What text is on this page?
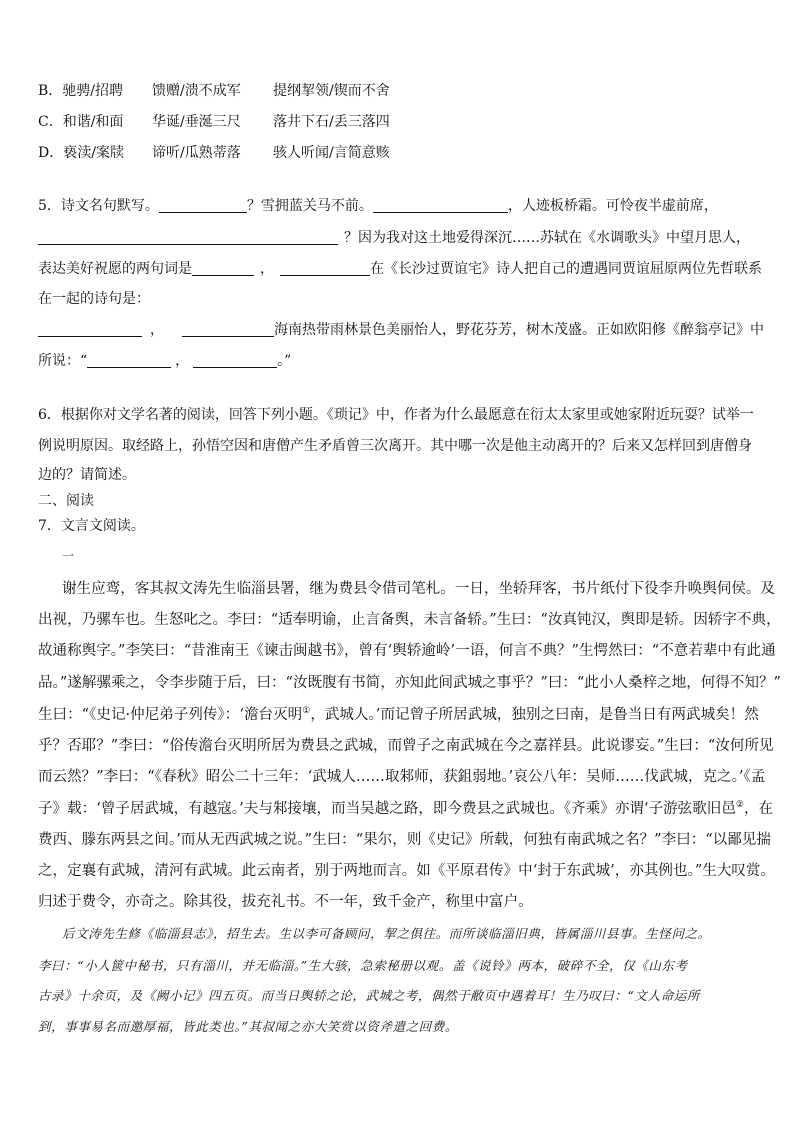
B．驰骋/招聘 馈赠/溃不成军 提纲挈领/锲而不舍
C．和谐/和面 华诞/垂涎三尺 落井下石/丢三落四
D．亵渎/案牍 谛听/瓜熟蒂落 骇人听闻/言简意赅
5．诗文名句默写。	？雪拥蓝关马不前。	，人迹板桥霜。可怜夜半虚前席，
？因为我对这土地爱得深沉……苏轼在《水调歌头》中望月思人，
表达美好祝愿的两句词是	，	在《长沙过贾谊宅》诗人把自己的遭遇同贾谊屈原两位先哲联系
在一起的诗句是：
，	海南热带雨林景色美丽怡人，野花芬芳，树木茂盛。正如欧阳修《醉翁亭记》中
所说：“	，	。”
6．根据你对文学名著的阅读，回答下列小题。《琐记》中，作者为什么最愿意在衍太太家里或她家附近玩耍？试举一
例说明原因。取经路上，孙悟空因和唐僧产生矛盾曾三次离开。其中哪一次是他主动离开的？后来又怎样回到唐僧身
边的？请简述。
二、阅读
7．文言文阅读。
一
谢生应鸾，客其叔文涛先生临淄县署，继为费县令借司笔札。一日，坐轿拜客，书片纸付下役李升唤舆伺侯。及
出视，乃骡车也。生怒叱之。李曰：“适奉明谕，止言备舆，未言备轿。”生曰：“汝真钝汉，舆即是轿。因轿字不典，
故通称舆字。”李笑曰：“昔淮南王《谏击闽越书》，曾有‘舆轿逾岭’一语，何言不典？”生愕然曰：“不意若辈中有此通
品。”遂解骡乘之，令李步随于后，曰：“汝既腹有书简，亦知此间武城之事乎？”曰：“此小人桑梓之地，何得不知？”
生曰：“《史记·仲尼弟子列传》：‘澹台灭明①，武城人。’而记曾子所居武城，独别之曰南，是鲁当日有两武城矣！然
乎？否耶？”李曰：“俗传澹台灭明所居为费县之武城，而曾子之南武城在今之嘉祥县。此说谬妄。”生曰：“汝何所见
而云然？”李曰：“《春秋》昭公二十三年：‘武城人……取邾师，获鉏弱地。’哀公八年：吴师……伐武城，克之。’《孟
子》载：‘曾子居武城，有越寇。’夫与邾接壤，而当吴越之路，即今费县之武城也。《齐乘》亦谓‘子游弦歌旧邑②，在
费西、滕东两县之间。’而从无西武城之说。”生曰：“果尔，则《史记》所载，何独有南武城之名？”李曰：“以鄙见揣
之，定襄有武城，清河有武城。此云南者，别于两地而言。如《平原君传》中‘封于东武城’，亦其例也。”生大叹赏。
归述于费令，亦奇之。除其役，拔充礼书。不一年，致千金产，称里中富户。
后文涛先生修《临淄县志》，招生去。生以李可备顾问，挈之俱往。而所谈临淄旧典，皆属淄川县事。生怪问之。
李曰：“小人篋中秘书，只有淄川，并无临淄。”生大骇，急索秘册以观。盖《说铃》两本，破碎不全，仅《山东考
古录》十余页，及《阙小记》四五页。而当日舆轿之论，武城之考，偶然于敝页中遇着耳！生乃叹曰：“文人命运所
到，事事易名而邀厚福，皆此类也。”其叔闻之亦大笑赏以资斧遣之回费。
